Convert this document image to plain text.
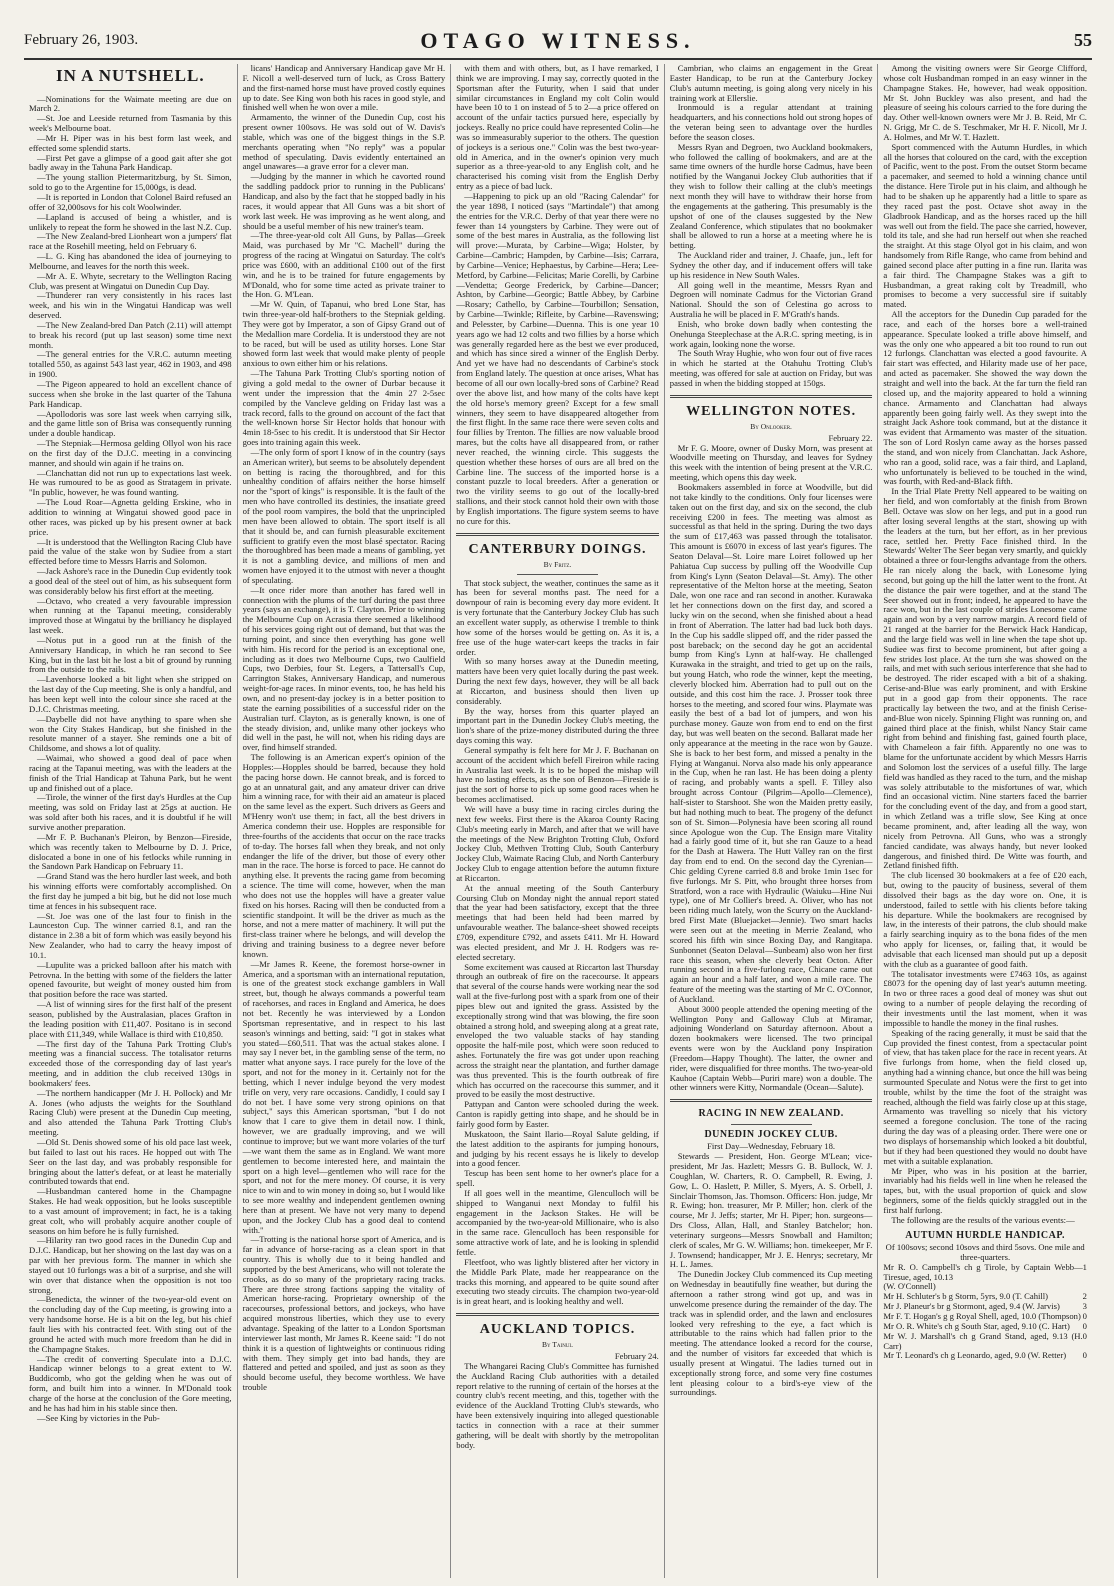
February 26, 1903.	OTAGO WITNESS.	55
IN A NUTSHELL.

—Nominations for the Waimate meeting are due on March 2.

—St. Joe and Leeside returned from Tasmania by this week's Melbourne boat.

—Mr H. Piper was in his best form last week, and effected some splendid starts.

—First Pet gave a glimpse of a good gait after she got badly away in the Tahuna Park Handicap.

—The young stallion Pietermaritzburg, by St. Simon, sold to go to the Argentine for 15,000gs, is dead.

—It is reported in London that Colonel Baird refused an offer of 32,000sovs for his colt Woolwinder.

—Lapland is accused of being a whistler, and is unlikely to repeat the form he showed in the last N.Z. Cup.

—The New Zealand-bred Lionheart won a jumpers' flat race at the Rosehill meeting, held on February 6.

—L. G. King has abandoned the idea of journeying to Melbourne, and leaves for the north this week.

—Mr A. E. Whyte, secretary to the Wellington Racing Club, was present at Wingatui on Dunedin Cup Day.

—Thunderer ran very consistently in his races last week, and his win in the Wingatui Handicap was well deserved.

—The New Zealand-bred Dan Patch (2.11) will attempt to break his record (put up last season) some time next month.

—The general entries for the V.R.C. autumn meeting totalled 550, as against 543 last year, 462 in 1903, and 498 in 1900.

—The Pigeon appeared to hold an excellent chance of success when she broke in the last quarter of the Tahuna Park Handicap.

—Apollodoris was sore last week when carrying silk, and the game little son of Brisa was consequently running under a double handicap.

—The Stepniak—Hermosa gelding Ollyol won his race on the first day of the D.J.C. meeting in a convincing manner, and should win again if he trains on.

—Clanchattan did not run up to expectations last week. He was rumoured to be as good as Stratagem in private. "In public, however, he was found wanting.

—The Loud Roar—Agnetta gelding Erskine, who in addition to winning at Wingatui showed good pace in other races, was picked up by his present owner at back price.

—It is understood that the Wellington Racing Club have paid the value of the stake won by Sudiee from a start effected before time to Messrs Harris and Solomon.

—Jack Ashore's race in the Dunedin Cup evidently took a good deal of the steel out of him, as his subsequent form was considerably below his first effort at the meeting.

—Octavo, who created a very favourable impression when running at the Tapanui meeting, considerably improved those at Wingatui by the brilliancy he displayed last week.

—Notus put in a good run at the finish of the Anniversary Handicap, in which he ran second to See King, but in the last bit he lost a bit of ground by running from the outside to the rails.

—Lavenhorse looked a bit light when she stripped on the last day of the Cup meeting. She is only a handful, and has been kept well into the colour since she raced at the D.J.C. Christmas meeting.

—Daybelle did not have anything to spare when she won the City Stakes Handicap, but she finished in the resolute manner of a stayer. She reminds one a bit of Childsome, and shows a lot of quality.

—Waimai, who showed a good deal of pace when racing at the Tapanui meeting, was with the leaders at the finish of the Trial Handicap at Tahuna Park, but he went up and finished out of a place.

—Tirole, the winner of the first day's Hurdles at the Cup meeting, was sold on Friday last at 25gs at auction. He was sold after both his races, and it is doubtful if he will survive another preparation.

—Mr F. P. Buchanan's Pleiron, by Benzon—Fireside, which was recently taken to Melbourne by D. J. Price, dislocated a bone in one of his fetlocks while running in the Sandown Park Handicap on February 11.

—Grand Stand was the hero hurdler last week, and both his winning efforts were comfortably accomplished. On the first day he jumped a bit big, but he did not lose much time at fences in his subsequent race.

—St. Joe was one of the last four to finish in the Launceston Cup. The winner carried 8.1, and ran the distance in 2.38 a bit of form which was easily beyond his New Zealander, who had to carry the heavy impost of 10.1.

—Lupulite was a pricked balloon after his match with Petrovna. In the betting with some of the fielders the latter opened favourite, but weight of money ousted him from that position before the race was started.

—A list of winning sires for the first half of the present season, published by the Australasian, places Grafton in the leading position with £11,407. Positano is in second place with £11,349, while Wallace is third with £10,850.

—The first day of the Tahuna Park Trotting Club's meeting was a financial success. The totalisator returns exceeded those of the corresponding day of last year's meeting, and in addition the club received 130gs in bookmakers' fees.

—The northern handicapper (Mr J. H. Pollock) and Mr A. Jones (who adjusts the weights for the Southland Racing Club) were present at the Dunedin Cup meeting, and also attended the Tahuna Park Trotting Club's meeting.

—Old St. Denis showed some of his old pace last week, but failed to last out his races. He hopped out with The Seer on the last day, and was probably responsible for bringing about the latter's defeat, or at least he materially contributed towards that end.

—Husbandman cantered home in the Champagne Stakes. He had weak opposition, but he looks susceptible to a vast amount of improvement; in fact, he is a taking great colt, who will probably acquire another couple of seasons on him before he is fully furnished.

—Hilarity ran two good races in the Dunedin Cup and D.J.C. Handicap, but her showing on the last day was on a par with her previous form. The manner in which she stayed out 10 furlongs was a bit of a surprise, and she will win over that distance when the opposition is not too strong.

—Benedicta, the winner of the two-year-old event on the concluding day of the Cup meeting, is growing into a very handsome horse. He is a bit on the leg, but his chief fault lies with his contracted feet. With sting out of the ground he acted with much more freedom than he did in the Champagne Stakes.

—The credit of converting Speculate into a D.J.C. Handicap winner belongs to a great extent to W. Buddicomb, who got the gelding when he was out of form, and built him into a winner. In M'Donald took charge of the horse at the conclusion of the Gore meeting, and he has had him in his stable since then.

—See King by victories in the Pub-

licans' Handicap and Anniversary Handicap gave Mr H. F. Nicoll a well-deserved turn of luck, as Cross Battery and the first-named horse must have proved costly equines up to date. See King won both his races in good style, and finished well when he won over a mile.

Armamento, the winner of the Dunedin Cup, cost his present owner 100sovs. He was sold out of W. Davis's stable, which was one of the biggest things in the S.P. merchants operating when "No reply" was a popular method of speculating. Davis evidently entertained an angel unawares—a grave error for a clever man.

—Judging by the manner in which he cavorted round the saddling paddock prior to running in the Publicans' Handicap, and also by the fact that he stopped badly in his races, it would appear that All Guns was a bit short of work last week. He was improving as he went along, and should be a useful member of his new trainer's team.

—The three-year-old colt All Guns, by Pallas—Greek Maid, was purchased by Mr "C. Machell" during the progress of the racing at Wingatui on Saturday. The colt's price was £600, with an additional £100 out of the first win, and he is to be trained for future engagements by M'Donald, who for some time acted as private trainer to the Hon. G. M'Lean.

—Mr W. Quin, of Tapanui, who bred Lone Star, has twin three-year-old half-brothers to the Stepniak gelding. They were got by Imperator, a son of Gipsy Grand out of the Medallion mare Cordelia. It is understood they are not to be raced, but will be used as utility horses. Lone Star showed form last week that would make plenty of people anxious to own either him or his relations.

—The Tahuna Park Trotting Club's sporting notion of giving a gold medal to the owner of Durbar because it went under the impression that the 4min 27 2-5sec compiled by the Vancleve gelding on Friday last was a track record, falls to the ground on account of the fact that the well-known horse Sir Hector holds that honour with 4min 18-5sec to his credit. It is understood that Sir Hector goes into training again this week.

—The only form of sport I know of in the country (says an American writer), but seems to be absolutely dependent on betting is racing the thoroughbred, and for this unhealthy condition of affairs neither the horse himself nor the "sport of kings" is responsible. It is the fault of the men who have controlled its destinies, the insatiate greed of the pool room vampires, the bold that the unprincipled men have been allowed to obtain. The sport itself is all that it should be, and can furnish pleasurable excitement sufficient to gratify even the most blasé spectator. Racing the thoroughbred has been made a means of gambling, yet it is not a gambling device, and millions of men and women have enjoyed it to the utmost with never a thought of speculating.

—It once rider more than another has fared well in connection with the plums of the turf during the past three years (says an exchange), it is T. Clayton. Prior to winning the Melbourne Cup on Acrasia there seemed a likelihood of his services going right out of demand, but that was the turning point, and since then everything has gone well with him. His record for the period is an exceptional one, including as it does two Melbourne Cups, two Caulfield Cups, two Derbies, four St. Legers, a Tattersall's Cup, Carrington Stakes, Anniversary Handicap, and numerous weight-for-age races. In minor events, too, he has held his own, and no present-day jockey is in a better position to state the earning possibilities of a successful rider on the Australian turf. Clayton, as is generally known, is one of the steady division, and, unlike many other jockeys who did well in the past, he will not, when his riding days are over, find himself stranded.

The following is an American expert's opinion of the Hopples:—Hopples should be barred, because they hold the pacing horse down. He cannot break, and is forced to go at an unnatural gait, and any amateur driver can drive him a winning race, for with their aid an amateur is placed on the same level as the expert. Such drivers as Geers and M'Henry won't use them; in fact, all the best drivers in America condemn their use. Hopples are responsible for three-fourths of the accidents that occur on the race tracks of to-day. The horses fall when they break, and not only endanger the life of the driver, but those of every other man in the race. The horse is forced to pace. He cannot do anything else. It prevents the racing game from becoming a science. The time will come, however, when the man who does not use the hopples will have a greater value fixed on his horses. Racing will then be conducted from a scientific standpoint. It will be the driver as much as the horse, and not a mere matter of machinery. It will put the first-class trainer where he belongs, and will develop the driving and training business to a degree never before known.

—Mr James R. Keene, the foremost horse-owner in America, and a sportsman with an international reputation, is one of the greatest stock exchange gamblers in Wall street, but, though he always commands a powerful team of racehorses, and races in England and America, he does not bet. Recently he was interviewed by a London Sportsman representative, and in respect to his last season's winnings and betting, said: "I got in stakes what you stated—£60,511. That was the actual stakes alone. I may say I never bet, in the gambling sense of the term, no matter what anyone says. I race purely for the love of the sport, and not for the money in it. Certainly not for the betting, which I never indulge beyond the very modest trifle on very, very rare occasions. Candidly, I could say I do not bet. I have some very strong opinions on that subject," says this American sportsman, "but I do not know that I care to give them in detail now. I think, however, we are gradually improving, and we will continue to improve; but we want more volaries of the turf—we want them the same as in England. We want more gentlemen to become interested here, and maintain the sport on a high level—gentlemen who will race for the sport, and not for the mere money. Of course, it is very nice to win and to win money in doing so, but I would like to see more wealthy and independent gentlemen owning here than at present. We have not very many to depend upon, and the Jockey Club has a good deal to contend with."

—Trotting is the national horse sport of America, and is far in advance of horse-racing as a clean sport in that country. This is wholly due to it being handled and supported by the best Americans, who will not tolerate the crooks, as do so many of the proprietary racing tracks. There are three strong factions sapping the vitality of American horse-racing. Proprietary ownership of the racecourses, professional bettors, and jockeys, who have acquired monstrous liberties, which they use to every advantage. Speaking of the latter to a London Sportsman interviewer last month, Mr James R. Keene said: "I do not think it is a question of lightweights or continuous riding with them. They simply get into bad hands, they are flattered and petted and spoiled, and just as soon as they should become useful, they become worthless. We have trouble

with them and with others, but, as I have remarked, I think we are improving. I may say, correctly quoted in the Sportsman after the Futurity, when I said that under similar circumstances in England my colt Colin would have been 10 to 1 on instead of 5 to 2—a price offered on account of the unfair tactics pursued here, especially by jockeys. Really no price could have represented Colin—he was so immeasurably superior to the others. The question of jockeys is a serious one." Colin was the best two-year-old in America, and in the owner's opinion very much superior as a three-year-old to any English colt, and he characterised his coming visit from the English Derby entry as a piece of bad luck.

—Happening to pick up an old "Racing Calendar" for the year 1898, I noticed (says "Martindale") that among the entries for the V.R.C. Derby of that year there were no fewer than 14 youngsters by Carbine. They were out of some of the best mares in Australia, as the following list will prove:—Murata, by Carbine—Wiga; Holster, by Carbine—Cambric; Hampden, by Carbine—Isis; Carrara, by Carbine—Venice; Hephaestus, by Carbine—Hera; Lee-Metford, by Carbine—Felicitas; Marie Corelli, by Carbine—Vendetta; George Frederick, by Carbine—Dancer; Ashton, by Carbine—Georgic; Battle Abbey, by Carbine—Rosary; Cathello, by Carbine—Tourbillon; Sensation, by Carbine—Twinkle; Rifleite, by Carbine—Ravenswing; and Pelesster, by Carbine—Duenna. This is one year 10 years ago we had 12 colts and two fillies by a horse which was generally regarded here as the best we ever produced, and which has since sired a winner of the English Derby. And yet we have had no descendants of Carbine's stock from England lately. The question at once arises, What has become of all our own locally-bred sons of Carbine? Read over the above list, and how many of the colts have kept the old horse's memory green? Except for a few small winners, they seem to have disappeared altogether from the first flight. In the same race there were seven colts and four fillies by Trenton. The fillies are now valuable brood mares, but the colts have all disappeared from, or rather never reached, the winning circle. This suggests the question whether these horses of ours are all bred on the Carbine line. The success of the imported horse is a constant puzzle to local breeders. After a generation or two the virility seems to go out of the locally-bred stallions, and their stock cannot hold their own with those by English importations. The figure system seems to have no cure for this.

CANTERBURY DOINGS.
By Fritz.

That stock subject, the weather, continues the same as it has been for several months past. The need for a downpour of rain is becoming every day more evident. It is very fortunate that the Canterbury Jockey Club has such an excellent water supply, as otherwise I tremble to think how some of the horses would be getting on. As it is, a free use of the huge water-cart keeps the tracks in fair order.

With so many horses away at the Dunedin meeting, matters have been very quiet locally during the past week. During the next few days, however, they will be all back at Riccarton, and business should then liven up considerably.

By the way, horses from this quarter played an important part in the Dunedin Jockey Club's meeting, the lion's share of the prize-money distributed during the three days coming this way.

General sympathy is felt here for Mr J. F. Buchanan on account of the accident which befell Fireiron while racing in Australia last week. It is to be hoped the mishap will have no lasting effects, as the son of Benzon—Fireside is just the sort of horse to pick up some good races when he becomes acclimatised.

We will have a busy time in racing circles during the next few weeks. First there is the Akaroa County Racing Club's meeting early in March, and after that we will have the meetings of the New Brighton Trotting Club, Oxford Jockey Club, Methven Trotting Club, South Canterbury Jockey Club, Waimate Racing Club, and North Canterbury Jockey Club to engage attention before the autumn fixture at Riccarton.

At the annual meeting of the South Canterbury Coursing Club on Monday night the annual report stated that the year had been satisfactory, except that the three meetings that had been held had been marred by unfavourable weather. The balance-sheet showed receipts £709, expenditure £792, and assets £411. Mr H. Howard was elected president, and Mr J. H. Rodgers was re-elected secretary.

Some excitement was caused at Riccarton last Thursday through an outbreak of fire on the racecourse. It appears that several of the course hands were working near the sod wall at the five-furlong post with a spark from one of their pipes blew out and ignited the grass. Assisted by the exceptionally strong wind that was blowing, the fire soon obtained a strong hold, and sweeping along at a great rate, enveloped the two valuable stacks of hay standing opposite the half-mile post, which were soon reduced to ashes. Fortunately the fire was got under upon reaching across the straight near the plantation, and further damage was thus prevented. This is the fourth outbreak of fire which has occurred on the racecourse this summer, and it proved to be easily the most destructive.

Pattypan and Canton were schooled during the week. Canton is rapidly getting into shape, and he should be in fairly good form by Easter.

Muskatoon, the Saint Ilario—Royal Salute gelding, if the latest addition to the aspirants for jumping honours, and judging by his recent essays he is likely to develop into a good fencer.

Tescup has been sent home to her owner's place for a spell.

If all goes well in the meantime, Glenculloch will be shipped to Wanganui next Monday to fulfil his engagement in the Jackson Stakes. He will be accompanied by the two-year-old Millionaire, who is also in the same race. Glenculloch has been responsible for some attractive work of late, and he is looking in splendid fettle.

Fleetfoot, who was lightly blistered after her victory in the Middle Park Plate, made her reappearance on the tracks this morning, and appeared to be quite sound after executing two steady circuits. The champion two-year-old is in great heart, and is looking healthy and well.

AUCKLAND TOPICS.
By Tainui.

February 24.

The Whangarei Racing Club's Committee has furnished the Auckland Racing Club authorities with a detailed report relative to the running of certain of the horses at the country club's recent meeting, and this, together with the evidence of the Auckland Trotting Club's stewards, who have been extensively inquiring into alleged questionable tactics in connection with a race at their summer gathering, will be dealt with shortly by the metropolitan body.

Cambrian, who claims an engagement in the Great Easter Handicap, to be run at the Canterbury Jockey Club's autumn meeting, is going along very nicely in his training work at Ellerslie.

Ironmould is a regular attendant at training headquarters, and his connections hold out strong hopes of the veteran being seen to advantage over the hurdles before the season closes.

Messrs Ryan and Degroen, two Auckland bookmakers, who followed the calling of bookmakers, and are at the same time owners of the hurdle horse Cadmus, have been notified by the Wanganui Jockey Club authorities that if they wish to follow their calling at the club's meetings next month they will have to withdraw their horse from the engagements at the gathering. This presumably is the upshot of one of the clauses suggested by the New Zealand Conference, which stipulates that no bookmaker shall be allowed to run a horse at a meeting where he is betting.

The Auckland rider and trainer, J. Chaafe, jun., left for Sydney the other day, and if inducement offers will take up his residence in New South Wales.

All going well in the meantime, Messrs Ryan and Degroen will nominate Cadmus for the Victorian Grand National. Should the son of Celestina go across to Australia he will be placed in F. M'Grath's hands.

Enish, who broke down badly when contesting the Onehunga Steeplechase at the A.R.C. spring meeting, is in work again, looking none the worse.

The South Wray Hughie, who won four out of five races in which he started at the Otahuhu Trotting Club's meeting, was offered for sale at auction on Friday, but was passed in when the bidding stopped at 150gs.

WELLINGTON NOTES.
By Onlooker.

February 22.

Mr F. G. Moore, owner of Dusky Morn, was present at Woodville meeting on Thursday, and leaves for Sydney this week with the intention of being present at the V.R.C. meeting, which opens this day week.

Bookmakers assembled in force at Woodville, but did not take kindly to the conditions. Only four licenses were taken out on the first day, and six on the second, the club receiving £200 in fees. The meeting was almost as successful as that held in the spring. During the two days the sum of £17,463 was passed through the totalisator. This amount is £6070 in excess of last year's figures. The Seaton Delaval—St. Loire mare Loiret followed up her Pahiatua Cup success by pulling off the Woodville Cup from King's Lynn (Seaton Delaval—St. Amy). The other representative of the Melton horse at the meeting, Seaton Dale, won one race and ran second in another. Kurawaka let her connections down on the first day, and scored a lucky win on the second, when she finished about a head in front of Aberration. The latter had bad luck both days. In the Cup his saddle slipped off, and the rider passed the post bareback; on the second day he got an accidental bump from King's Lynn at half-way. He challenged Kurawaka in the straight, and tried to get up on the rails, but young Hatch, who rode the winner, kept the meeting, cleverly blocked him. Aberration had to pull out on the outside, and this cost him the race. J. Prosser took three horses to the meeting, and scored four wins. Playmate was easily the best of a bad lot of jumpers, and won his purchase money. Gauze won from end to end on the first day, but was well beaten on the second. Ballarat made her only appearance at the meeting in the race won by Gauze. She is back to her best form, and missed a penalty in the Flying at Wanganui. Norva also made his only appearance in the Cup, when he ran last. He has been doing a plenty of racing, and probably wants a spell. F. Tilley also brought across Contour (Pilgrim—Apollo—Clemence), half-sister to Starshoot. She won the Maiden pretty easily, but had nothing much to beat. The progeny of the defunct son of St. Simon—Polynesia have been scoring all round since Apologue won the Cup. The Ensign mare Vitality had a fairly good time of it, but she ran Gauze to a head for the Dash at Hawera. The Hutt Valley ran on the first day from end to end. On the second day the Cyrenian—Chic gelding Cyrene carried 8.8 and broke 1min 1sec for five furlongs. Mr S. Pitt, who brought three horses from Stratford, won a race with Hydraulic (Waiuku—Hine Nui type), one of Mr Collier's breed. A. Oliver, who has not been riding much lately, won the Scurry on the Auckland-bred First Mate (Bluejacket—Jennie). Two smart hacks were seen out at the meeting in Merrie Zealand, who scored his fifth win since Boxing Day, and Rangitapa. Sunbonnet (Seaton Delaval—Sunbeam) also won her first race this season, when she cleverly beat Octon. After running second in a five-furlong race, Chicane came out again an hour and a half later, and won a mile race. The feature of the meeting was the starting of Mr C. O'Connor, of Auckland.

About 3000 people attended the opening meeting of the Wellington Pony and Galloway Club at Miramar, adjoining Wonderland on Saturday afternoon. About a dozen bookmakers were licensed. The two principal events were won by the Auckland pony Inspiration (Freedom—Happy Thought). The latter, the owner and rider, were disqualified for three months. The two-year-old Kauhoe (Captain Webb—Puriri mare) won a double. The other winners were Kitty, Normandale (Ocean—Salute).

RACING IN NEW ZEALAND.
DUNEDIN JOCKEY CLUB.

First Day—Wednesday, February 18.

Stewards — President, Hon. George M'Lean; vice-president, Mr Jas. Hazlett; Messrs G. B. Bullock, W. J. Coughlan, W. Charters, R. O. Campbell, R. Ewing, J. Gow, L. O. Haslett, P. Miller, S. Myers, A. S. Orbell, J. Sinclair Thomson, Jas. Thomson. Officers: Hon. judge, Mr R. Ewing; hon. treasurer, Mr P. Miller; hon. clerk of the course, Mr J. Jeffs; starter, Mr H. Piper; hon. surgeons—Drs Closs, Allan, Hall, and Stanley Batchelor; hon. veterinary surgeons—Messrs Snowball and Hamilton; clerk of scales, Mr G. W. Williams; hon. timekeeper, Mr F. J. Townsend; handicapper, Mr J. E. Henrys; secretary, Mr H. L. James.

The Dunedin Jockey Club commenced its Cup meeting on Wednesday in beautifully fine weather, but during the afternoon a rather strong wind got up, and was in unwelcome presence during the remainder of the day. The track was in splendid order, and the lawn and enclosures looked very refreshing to the eye, a fact which is attributable to the rains which had fallen prior to the meeting. The attendance looked a record for the course, and the number of visitors far exceeded that which is usually present at Wingatui. The ladies turned out in exceptionally strong force, and some very fine costumes lent pleasing colour to a bird's-eye view of the surroundings.

Among the visiting owners were Sir George Clifford, whose colt Husbandman romped in an easy winner in the Champagne Stakes. He, however, had weak opposition. Mr St. John Buckley was also present, and had the pleasure of seeing his colours carried to the fore during the day. Other well-known owners were Mr J. B. Reid, Mr C. N. Grigg, Mr C. de S. Teschmaker, Mr H. F. Nicoll, Mr J. A. Holmes, and Mr W. T. Hazlett.

Sport commenced with the Autumn Hurdles, in which all the horses that coloured on the card, with the exception of Pacific, went to the post. From the outset Storm became a pacemaker, and seemed to hold a winning chance until the distance. Here Tirole put in his claim, and although he had to be shaken up he apparently had a little to spare as they raced past the post. Octave shot away in the Gladbrook Handicap, and as the horses raced up the hill was well out from the field. The pace she carried, however, told its tale, and she had run herself out when she reached the straight. At this stage Olyol got in his claim, and won handsomely from Rifle Range, who came from behind and gained second place after putting in a fine run. Ilarita was a fair third. The Champagne Stakes was a gift to Husbandman, a great raking colt by Treadmill, who promises to become a very successful sire if suitably mated.

All the acceptors for the Dunedin Cup paraded for the race, and each of the horses bore a well-trained appearance. Speculate looked a trifle above himself, and was the only one who appeared a bit too round to run out 12 furlongs. Clanchattan was elected a good favourite. A fair start was effected, and Hilarity made use of her pace, and acted as pacemaker. She showed the way down the straight and well into the back. At the far turn the field ran closed up, and the majority appeared to hold a winning chance. Armamento and Clanchattan had always apparently been going fairly well. As they swept into the straight Jack Ashore took command, but at the distance it was evident that Armamento was master of the situation. The son of Lord Roslyn came away as the horses passed the stand, and won nicely from Clanchattan. Jack Ashore, who ran a good, solid race, was a fair third, and Lapland, who unfortunately is believed to be touched in the wind, was fourth, with Red-and-Black fifth.

In the Trial Plate Pretty Nell appeared to be waiting on her field, and won comfortably at the finish from Brown Bell. Octave was slow on her legs, and put in a good run after losing several lengths at the start, showing up with the leaders at the turn, but her effort, as in her previous race, settled her. Pretty Face finished third. In the Stewards' Welter The Seer began very smartly, and quickly obtained a three or four-lengths advantage from the others. He ran nicely along the back, with Lonesome lying second, but going up the hill the latter went to the front. At the distance the pair were together, and at the stand The Seer showed out in front; indeed, he appeared to have the race won, but in the last couple of strides Lonesome came again and won by a very narrow margin. A record field of 21 ranged at the barrier for the Berwick Hack Handicap, and the large field was well in line when the tape shot up. Sudiee was first to become prominent, but after going a few strides lost place. At the turn she was showed on the rails, and met with such serious interference that she had to be destroyed. The rider escaped with a bit of a shaking. Cerise-and-Blue was early prominent, and with Erskine put in a good gap from their opponents. The race practically lay between the two, and at the finish Cerise-and-Blue won nicely. Spinning Flight was running on, and gained third place at the finish, whilst Nancy Stair came right from behind and finishing fast, gained fourth place, with Chameleon a fair fifth. Apparently no one was to blame for the unfortunate accident by which Messrs Harris and Solomon lost the services of a useful filly. The large field was handled as they raced to the turn, and the mishap was solely attributable to the misfortunes of war, which find an occasional victim. Nine starters faced the barrier for the concluding event of the day, and from a good start, in which Zetland was a trifle slow, See King at once became prominent, and, after leading all the way, won nicely from Petrovna. All Guns, who was a strongly fancied candidate, was always handy, but never looked dangerous, and finished third. De Witte was fourth, and Zetland finished fifth.

The club licensed 30 bookmakers at a fee of £20 each, but, owing to the paucity of business, several of them dissolved their bags as the day wore on. One, it is understood, failed to settle with his clients before taking his departure. While the bookmakers are recognised by law, in the interests of their patrons, the club should make a fairly searching inquiry as to the bona fides of the men who apply for licenses, or, failing that, it would be advisable that each licensed man should put up a deposit with the club as a guarantee of good faith.

The totalisator investments were £7463 10s, as against £8073 for the opening day of last year's autumn meeting. In two or three races a good deal of money was shut out owing to a number of people delaying the recording of their investments until the last moment, when it was impossible to handle the money in the final rushes.

Speaking of the racing generally, it must be said that the Cup provided the finest contest, from a spectacular point of view, that has taken place for the race in recent years. At five furlongs from home, when the field closed up, anything had a winning chance, but once the hill was being surmounted Speculate and Notus were the first to get into trouble, whilst by the time the foot of the straight was reached, although the field was fairly close up at this stage, Armamento was travelling so nicely that his victory seemed a foregone conclusion. The tone of the racing during the day was of a pleasing order. There were one or two displays of horsemanship which looked a bit doubtful, but if they had been questioned they would no doubt have met with a suitable explanation.

Mr Piper, who was in his position at the barrier, invariably had his fields well in line when he released the tapes, but, with the usual proportion of quick and slow beginners, some of the fields quickly straggled out in the first half furlong.

The following are the results of the various events:—

AUTUMN HURDLE HANDICAP.

Of 100sovs; second 10sovs and third 5sovs. One mile and three-quarters.

Mr R. O. Campbell's ch g Tirole, by Captain Webb—Tiresue, aged, 10.13
1

(W. O'Connell)

Mr H. Schluter's b g Storm, 5yrs, 9.0 (T. Cahill)	2

Mr J. Planeur's br g Stormont, aged, 9.4 (W. Jarvis)	3

Mr F. T. Hogan's g g Royal Shell, aged, 10.0 (Thompson) 0

Mr O. R. White's ch g South Star, aged, 9.10 (C. Hart) 0

Mr W. J. Marshall's ch g Grand Stand, aged, 9.13 (H. Carr)
0

Mr T. Leonard's ch g Leonardo, aged, 9.0 (W. Retter) 0
